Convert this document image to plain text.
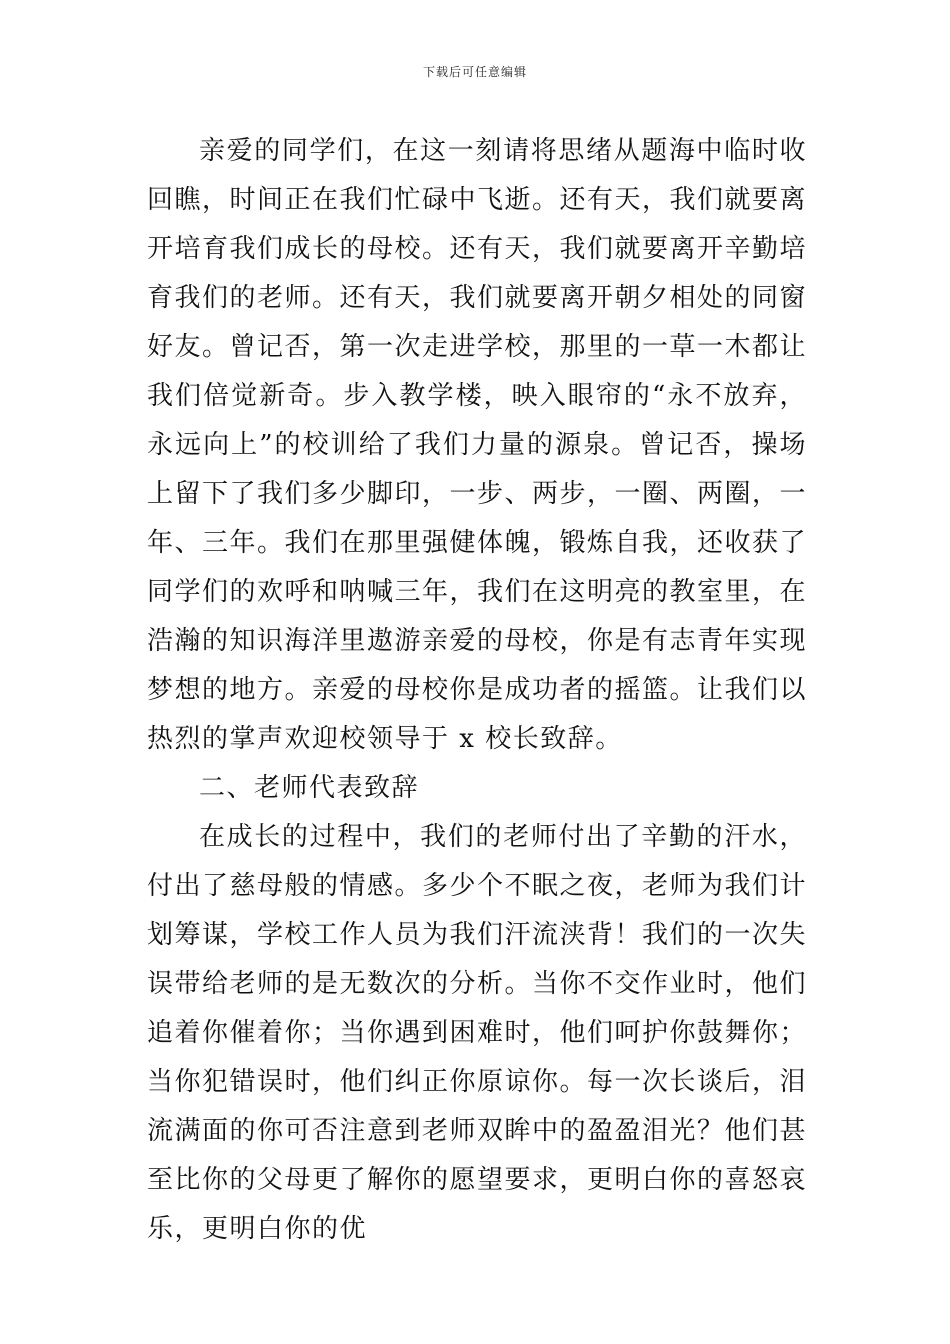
下载后可任意编辑

亲爱的同学们，在这一刻请将思绪从题海中临时收回瞧，时间正在我们忙碌中飞逝。还有天，我们就要离开培育我们成长的母校。还有天，我们就要离开辛勤培育我们的老师。还有天，我们就要离开朝夕相处的同窗好友。曾记否，第一次走进学校，那里的一草一木都让我们倍觉新奇。步入教学楼，映入眼帘的“永不放弃，永远向上”的校训给了我们力量的源泉。曾记否，操场上留下了我们多少脚印，一步、两步，一圈、两圈，一年、三年。我们在那里强健体魄，锻炼自我，还收获了同学们的欢呼和呐喊三年，我们在这明亮的教室里，在浩瀚的知识海洋里遨游亲爱的母校，你是有志青年实现梦想的地方。亲爱的母校你是成功者的摇篮。让我们以热烈的掌声欢迎校领导于 x 校长致辞。

二、老师代表致辞

在成长的过程中，我们的老师付出了辛勤的汗水，付出了慈母般的情感。多少个不眠之夜，老师为我们计划筹谋，学校工作人员为我们汗流浃背！我们的一次失误带给老师的是无数次的分析。当你不交作业时，他们追着你催着你；当你遇到困难时，他们呵护你鼓舞你；当你犯错误时，他们纠正你原谅你。每一次长谈后，泪流满面的你可否注意到老师双眸中的盈盈泪光？他们甚至比你的父母更了解你的愿望要求，更明白你的喜怒哀乐，更明白你的优
